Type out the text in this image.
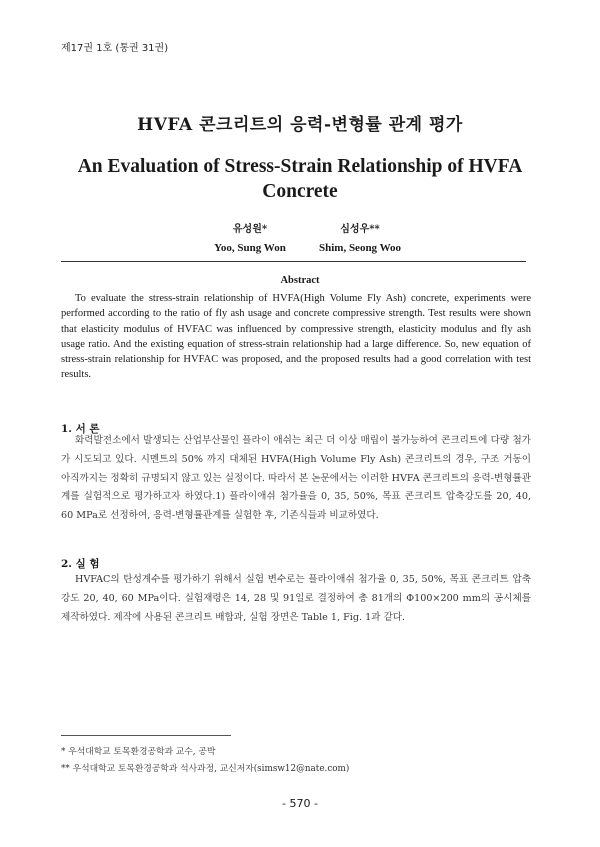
제17권 1호 (통권 31권)
HVFA 콘크리트의 응력-변형률 관계 평가
An Evaluation of Stress-Strain Relationship of HVFA Concrete
유성원*
Yoo, Sung Won
심성우**
Shim, Seong Woo
Abstract

To evaluate the stress-strain relationship of HVFA(High Volume Fly Ash) concrete, experiments were performed according to the ratio of fly ash usage and concrete compressive strength. Test results were shown that elasticity modulus of HVFAC was influenced by compressive strength, elasticity modulus and fly ash usage ratio. And the existing equation of stress-strain relationship had a large difference. So, new equation of stress-strain relationship for HVFAC was proposed, and the proposed results had a good correlation with test results.

1. 서 론

화력발전소에서 발생되는 산업부산물인 플라이 애쉬는 최근 더 이상 매립이 불가능하여 콘크리트에 다량 첨가가 시도되고 있다. 시멘트의 50% 까지 대체된 HVFA(High Volume Fly Ash) 콘크리트의 경우, 구조 거동이 아직까지는 정확히 규명되지 않고 있는 실정이다. 따라서 본 논문에서는 이러한 HVFA 콘크리트의 응력-변형률관계를 실험적으로 평가하고자 하였다.1) 플라이애쉬 첨가율을 0, 35, 50%, 목표 콘크리트 압축강도를 20, 40, 60 MPa로 선정하여, 응력-변형률관계를 실험한 후, 기존식들과 비교하였다.

2. 실 험

HVFAC의 탄성계수를 평가하기 위해서 실험 변수로는 플라이애쉬 첨가율 0, 35, 50%, 목표 콘크리트 압축강도 20, 40, 60 MPa이다. 실험재령은 14, 28 및 91일로 결정하여 총 81개의 Φ100×200 mm의 공시체를 제작하였다. 제작에 사용된 콘크리트 배합과, 실험 장면은 Table 1, Fig. 1과 같다.

* 우석대학교 토목환경공학과 교수, 공박
** 우석대학교 토목환경공학과 석사과정, 교신저자(simsw12@nate.com)
- 570 -
